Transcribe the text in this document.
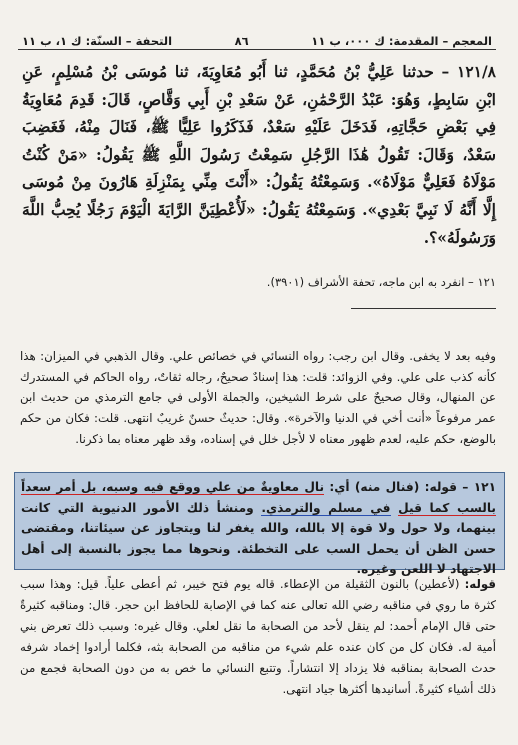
المعجم – المقدمة: ك ٠٠٠، ب ١١
٨٦
التحفة – السنّة: ك ١، ب ١١
١٢١/٨ – حدثنا عَلِيُّ بْنُ مُحَمَّدٍ، ثنا أَبُو مُعَاوِيَةَ، ثنا مُوسَى بْنُ مُسْلِمٍ، عَنِ ابْنِ سَابِطٍ، وَهُوَ: عَبْدُ الرَّحْمَٰنِ، عَنْ سَعْدِ بْنِ أَبِي وَقَّاصٍ، قَالَ: قَدِمَ مُعَاوِيَةُ فِي بَعْضِ حَجَّاتِهِ، فَدَخَلَ عَلَيْهِ سَعْدٌ، فَذَكَرُوا عَلِيًّا ﷺ، فَنَالَ مِنْهُ، فَغَضِبَ سَعْدٌ، وَقَالَ: تَقُولُ هَٰذَا الرَّجُلِ سَمِعْتُ رَسُولَ اللَّهِ ﷺ يَقُولُ: «مَنْ كُنْتُ مَوْلَاهُ فَعَلِيٌّ مَوْلَاهُ». وَسَمِعْتُهُ يَقُولُ: «أَنْتَ مِنِّي بِمَنْزِلَةِ هَارُونَ مِنْ مُوسَى إِلَّا أَنَّهُ لَا نَبِيَّ بَعْدِي». وَسَمِعْتُهُ يَقُولُ: «لَأُعْطِيَنَّ الرَّايَةَ الْيَوْمَ رَجُلًا يُحِبُّ اللَّهَ وَرَسُولَهُ»؟.
١٢١ – انفرد به ابن ماجه، تحفة الأشراف (٣٩٠١).
وفيه بعد لا يخفى. وقال ابن رجب: رواه النسائي في خصائص علي. وقال الذهبي في الميزان: هذا كأنه كذب على علي. وفي الزوائد: قلت: هذا إسنادٌ صحيحٌ، رجاله ثقاتٌ، رواه الحاكم في المستدرك عن المنهال، وقال صحيحٌ على شرط الشيخين، والجملة الأولى في جامع الترمذي من حديث ابن عمر مرفوعاً «أنت أخي في الدنيا والآخرة». وقال: حديثٌ حسنٌ غريبٌ انتهى. قلت: فكان من حكم بالوضع، حكم عليه، لعدم ظهور معناه لا لأجل خلل في إسناده، وقد ظهر معناه بما ذكرنا.
١٢١ – قوله: (فنال منه) أي: نال معاويةٌ من علي ووقع فيه وسبه، بل أمر سعداً بالسب كما قيل في مسلم والترمذي. ومنشأ ذلك الأمور الدنيوية التي كانت بينهما، ولا حول ولا قوة إلا بالله، والله يغفر لنا ويتجاوز عن سيئاتنا، ومقتضى حسن الظن أن يحمل السب على التخطئة. ونحوها مما يجوز بالنسبة إلى أهل الاجتهاد لا اللعن وغيره.
قوله: (لأعطين) بالنون الثقيلة من الإعطاء. قاله يوم فتح خيبر، ثم أعطى علياً. قيل: وهذا سبب كثرة ما روي في مناقبه رضي الله تعالى عنه كما في الإصابة للحافظ ابن حجر. قال: ومناقبه كثيرةٌ حتى قال الإمام أحمد: لم ينقل لأحد من الصحابة ما نقل لعلي. وقال غيره: وسبب ذلك تعرض بني أمية له. فكان كل من كان عنده علم شيء من مناقبه من الصحابة بثه، فكلما أرادوا إخماد شرفه حدث الصحابة بمناقبه فلا يزداد إلا انتشاراً. وتتبع النسائي ما خص به من دون الصحابة فجمع من ذلك أشياء كثيرةً. أسانيدها أكثرها جياد انتهى.
